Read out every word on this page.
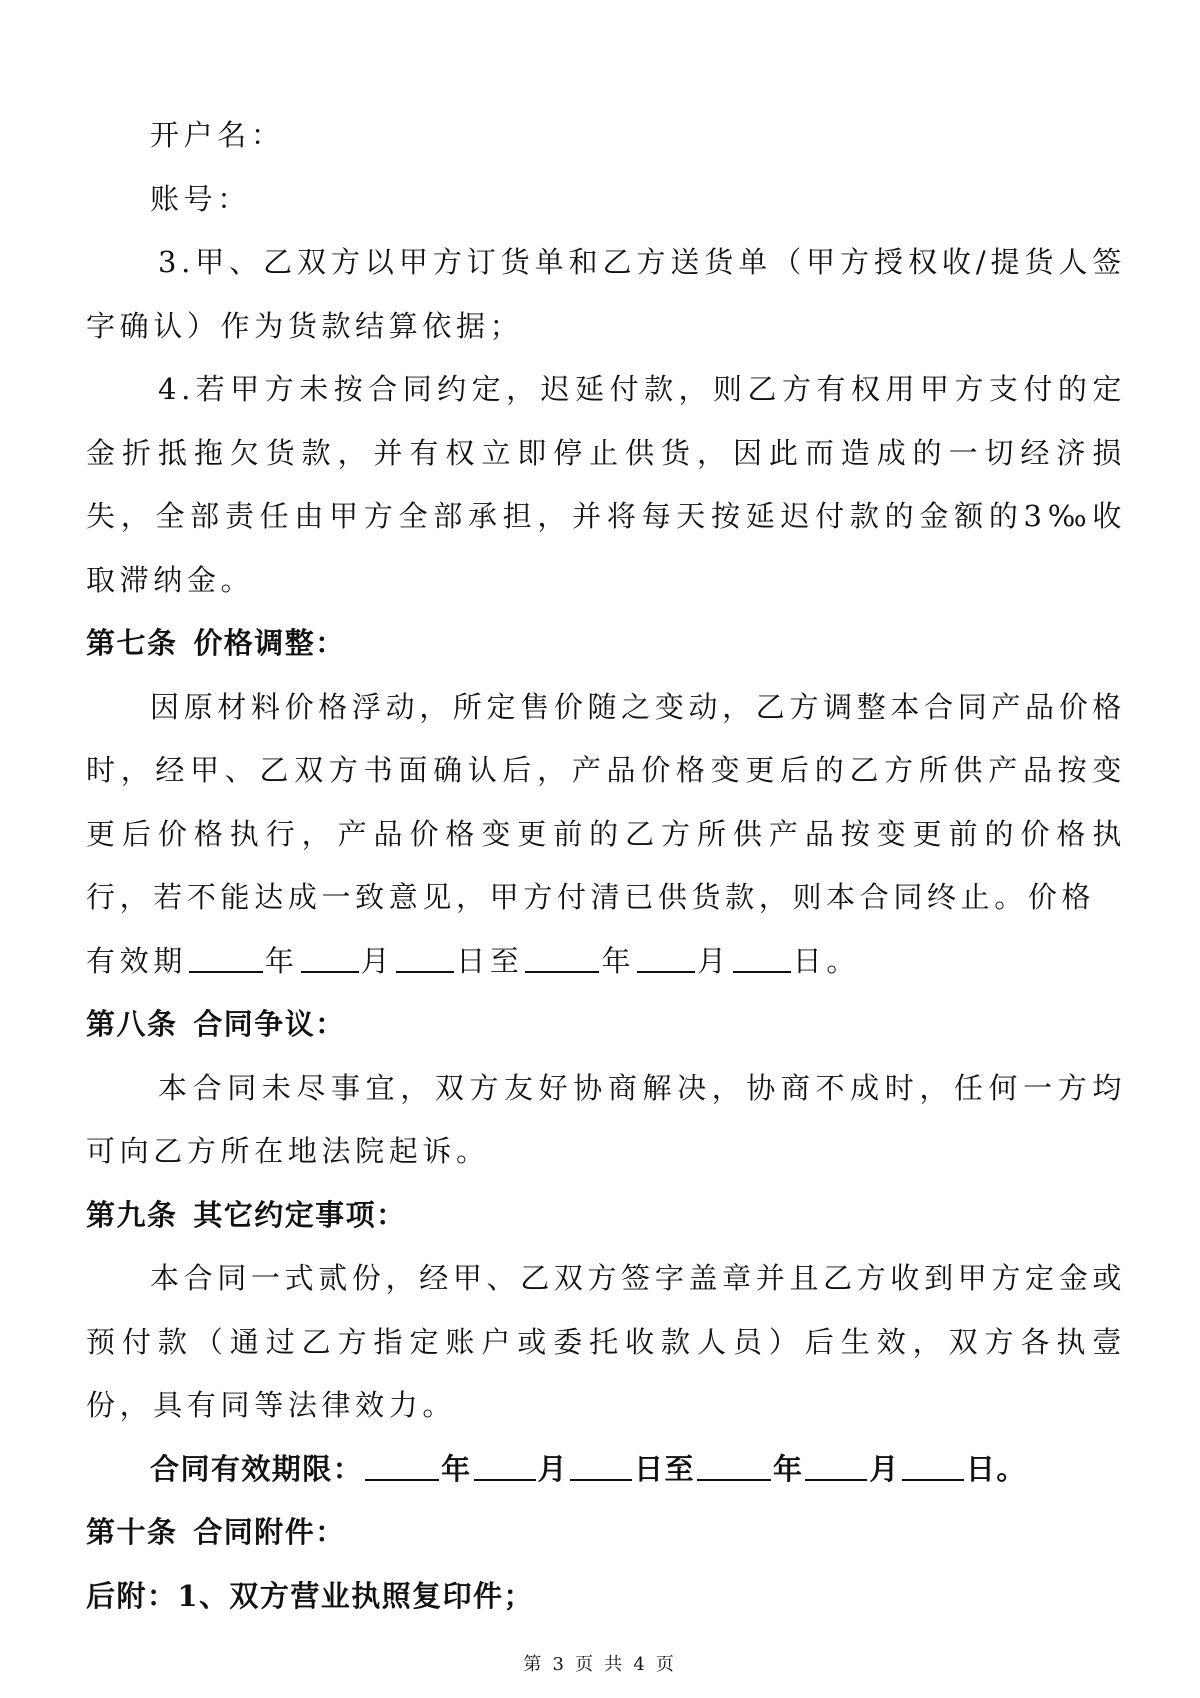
开户名：

账号：

3.甲、乙双方以甲方订货单和乙方送货单（甲方授权收/提货人签字确认）作为货款结算依据；

4.若甲方未按合同约定，迟延付款，则乙方有权用甲方支付的定金折抵拖欠货款，并有权立即停止供货，因此而造成的一切经济损失，全部责任由甲方全部承担，并将每天按延迟付款的金额的3‰收取滞纳金。

第七条 价格调整：

因原材料价格浮动，所定售价随之变动，乙方调整本合同产品价格时，经甲、乙双方书面确认后，产品价格变更后的乙方所供产品按变更后价格执行，产品价格变更前的乙方所供产品按变更前的价格执行，若不能达成一致意见，甲方付清已供货款，则本合同终止。价格

有效期	年 月 日至	年 月 日。

第八条 合同争议：

本合同未尽事宜，双方友好协商解决，协商不成时，任何一方均可向乙方所在地法院起诉。

第九条 其它约定事项：

本合同一式贰份，经甲、乙双方签字盖章并且乙方收到甲方定金或预付款（通过乙方指定账户或委托收款人员）后生效，双方各执壹份，具有同等法律效力。

合同有效期限：	年 月 日至	年 月 日。

第十条 合同附件：

后附：1、双方营业执照复印件；

第 3 页 共 4 页
